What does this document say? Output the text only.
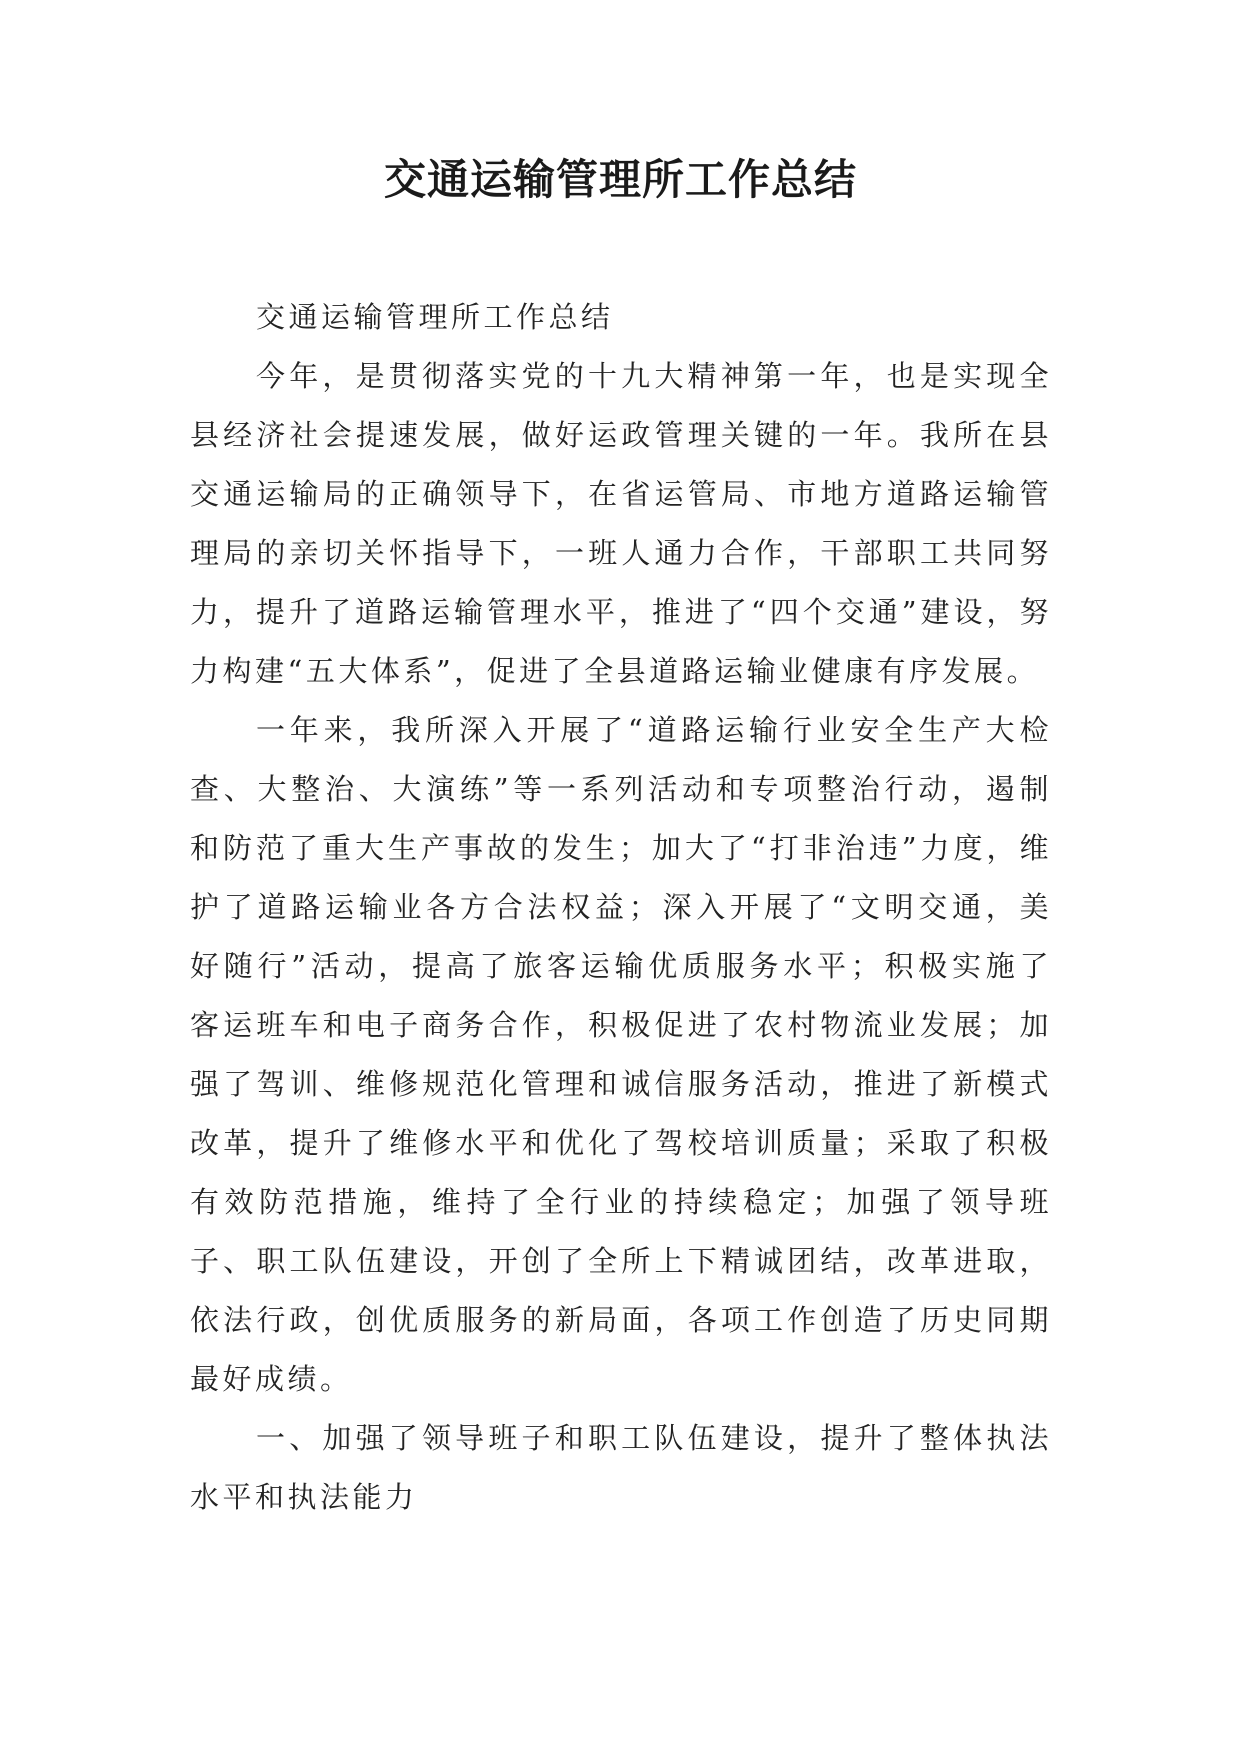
交通运输管理所工作总结

交通运输管理所工作总结

今年，是贯彻落实党的十九大精神第一年，也是实现全县经济社会提速发展，做好运政管理关键的一年。我所在县交通运输局的正确领导下，在省运管局、市地方道路运输管理局的亲切关怀指导下，一班人通力合作，干部职工共同努力，提升了道路运输管理水平，推进了“四个交通”建设，努力构建“五大体系”，促进了全县道路运输业健康有序发展。

一年来，我所深入开展了“道路运输行业安全生产大检查、大整治、大演练”等一系列活动和专项整治行动，遏制和防范了重大生产事故的发生；加大了“打非治违”力度，维护了道路运输业各方合法权益；深入开展了“文明交通，美好随行”活动，提高了旅客运输优质服务水平；积极实施了客运班车和电子商务合作，积极促进了农村物流业发展；加强了驾训、维修规范化管理和诚信服务活动，推进了新模式改革，提升了维修水平和优化了驾校培训质量；采取了积极有效防范措施，维持了全行业的持续稳定；加强了领导班子、职工队伍建设，开创了全所上下精诚团结，改革进取，依法行政，创优质服务的新局面，各项工作创造了历史同期最好成绩。

一、加强了领导班子和职工队伍建设，提升了整体执法水平和执法能力
